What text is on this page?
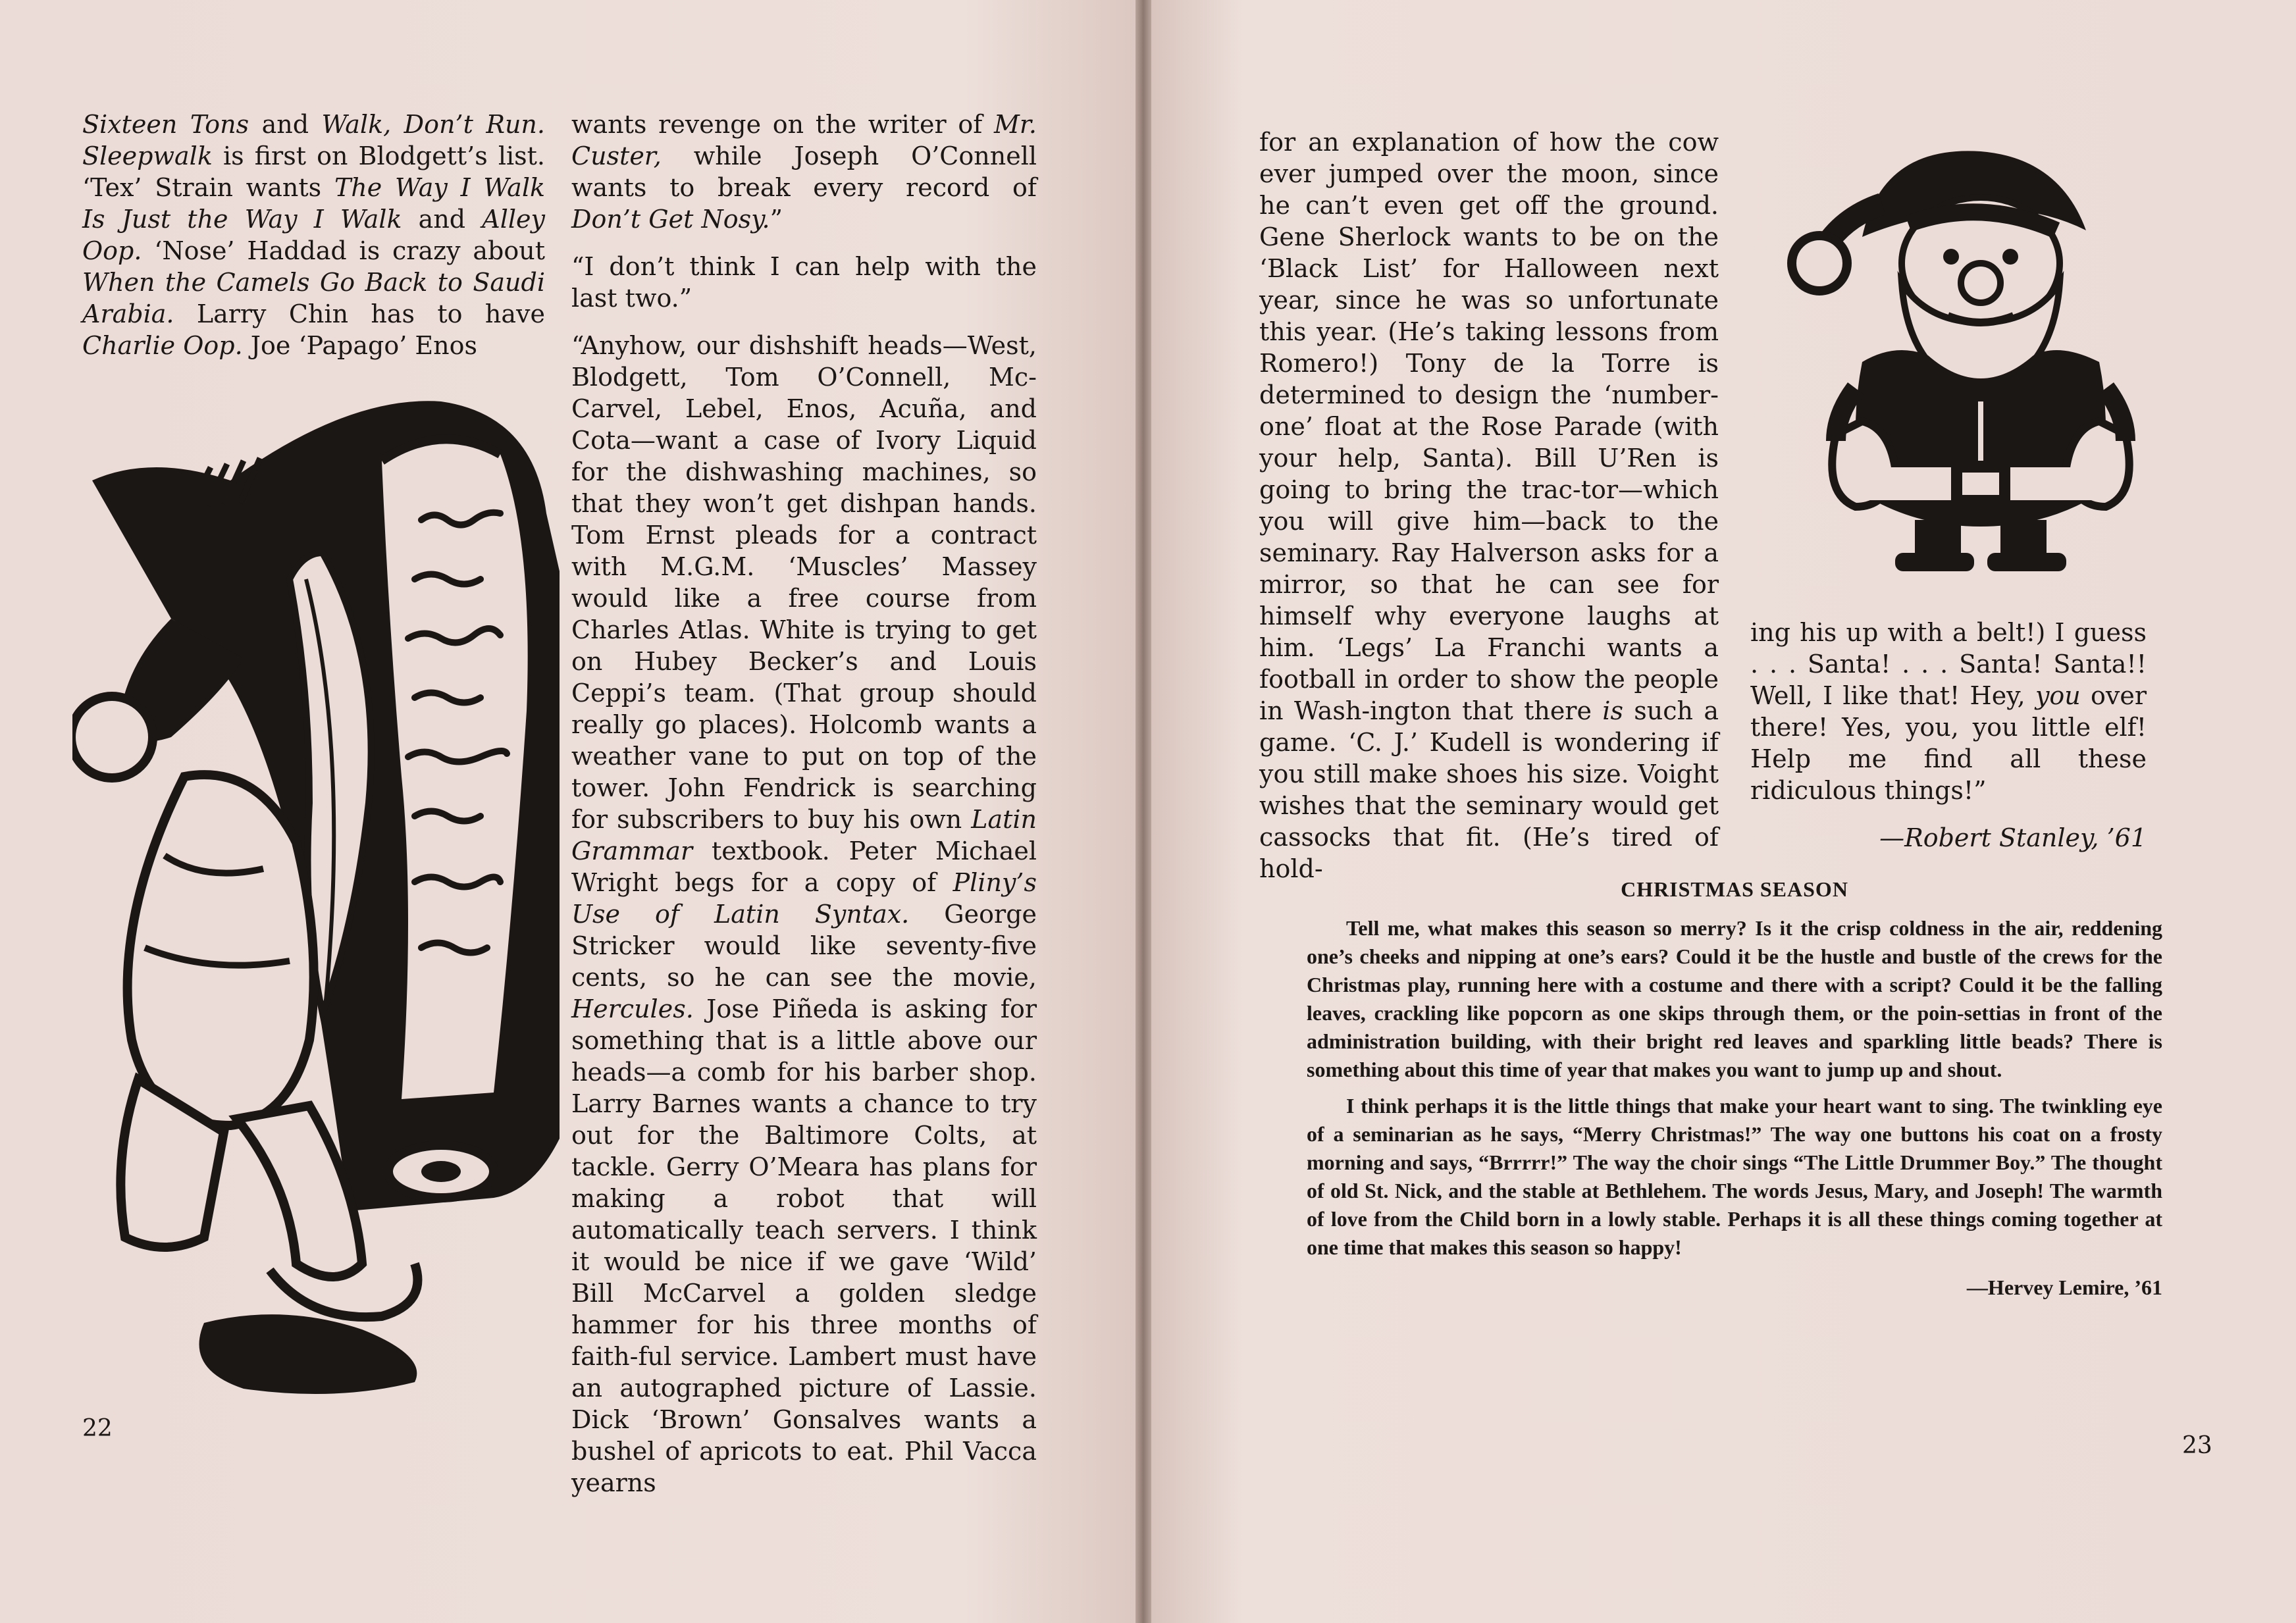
Sixteen Tons and Walk, Don’t Run. Sleepwalk is first on Blodgett’s list. ‘Tex’ Strain wants The Way I Walk Is Just the Way I Walk and Alley Oop. ‘Nose’ Haddad is crazy about When the Camels Go Back to Saudi Arabia. Larry Chin has to have Charlie Oop. Joe ‘Papago’ Enos

wants revenge on the writer of Mr. Custer, while Joseph O’Connell wants to break every record of Don’t Get Nosy.”

“I don’t think I can help with the last two.”

“Anyhow, our dishshift heads—West, Blodgett, Tom O’Connell, Mc-Carvel, Lebel, Enos, Acuña, and Cota—want a case of Ivory Liquid for the dishwashing machines, so that they won’t get dishpan hands. Tom Ernst pleads for a contract with M.G.M. ‘Muscles’ Massey would like a free course from Charles Atlas. White is trying to get on Hubey Becker’s and Louis Ceppi’s team. (That group should really go places). Holcomb wants a weather vane to put on top of the tower. John Fendrick is searching for subscribers to buy his own Latin Grammar textbook. Peter Michael Wright begs for a copy of Pliny’s Use of Latin Syntax. George Stricker would like seventy-five cents, so he can see the movie, Hercules. Jose Piñeda is asking for something that is a little above our heads—a comb for his barber shop. Larry Barnes wants a chance to try out for the Baltimore Colts, at tackle. Gerry O’Meara has plans for making a robot that will automatically teach servers. I think it would be nice if we gave ‘Wild’ Bill McCarvel a golden sledge hammer for his three months of faith-ful service. Lambert must have an autographed picture of Lassie. Dick ‘Brown’ Gonsalves wants a bushel of apricots to eat. Phil Vacca yearns

22

for an explanation of how the cow ever jumped over the moon, since he can’t even get off the ground. Gene Sherlock wants to be on the ‘Black List’ for Halloween next year, since he was so unfortunate this year. (He’s taking lessons from Romero!) Tony de la Torre is determined to design the ‘number-one’ float at the Rose Parade (with your help, Santa). Bill U’Ren is going to bring the trac-tor—which you will give him—back to the seminary. Ray Halverson asks for a mirror, so that he can see for himself why everyone laughs at him. ‘Legs’ La Franchi wants a football in order to show the people in Wash-ington that there is such a game. ‘C. J.’ Kudell is wondering if you still make shoes his size. Voight wishes that the seminary would get cassocks that fit. (He’s tired of hold-

ing his up with a belt!) I guess . . . Santa! . . . Santa! Santa!! Well, I like that! Hey, you over there! Yes, you, you little elf! Help me find all these ridiculous things!”

—Robert Stanley, ’61

23
CHRISTMAS SEASON

Tell me, what makes this season so merry? Is it the crisp coldness in the air, reddening one’s cheeks and nipping at one’s ears? Could it be the hustle and bustle of the crews for the Christmas play, running here with a costume and there with a script? Could it be the falling leaves, crackling like popcorn as one skips through them, or the poin-settias in front of the administration building, with their bright red leaves and sparkling little beads? There is something about this time of year that makes you want to jump up and shout.

I think perhaps it is the little things that make your heart want to sing. The twinkling eye of a seminarian as he says, “Merry Christmas!” The way one buttons his coat on a frosty morning and says, “Brrrrr!” The way the choir sings “The Little Drummer Boy.” The thought of old St. Nick, and the stable at Bethlehem. The words Jesus, Mary, and Joseph! The warmth of love from the Child born in a lowly stable. Perhaps it is all these things coming together at one time that makes this season so happy!

—Hervey Lemire, ’61
